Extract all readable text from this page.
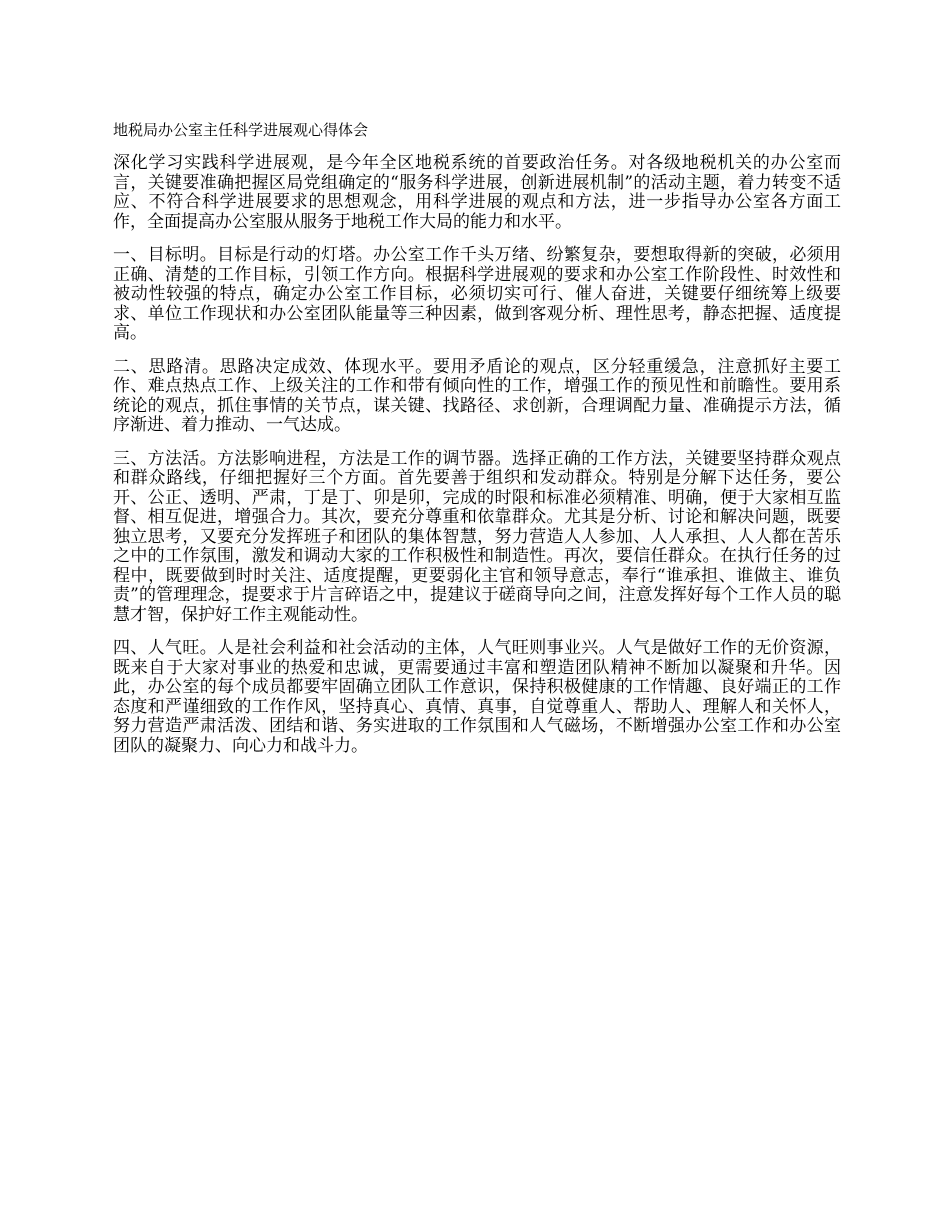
地税局办公室主任科学进展观心得体会

深化学习实践科学进展观，是今年全区地税系统的首要政治任务。对各级地税机关的办公室而言，关键要准确把握区局党组确定的“服务科学进展，创新进展机制”的活动主题，着力转变不适应、不符合科学进展要求的思想观念，用科学进展的观点和方法，进一步指导办公室各方面工作，全面提高办公室服从服务于地税工作大局的能力和水平。

一、目标明。目标是行动的灯塔。办公室工作千头万绪、纷繁复杂，要想取得新的突破，必须用正确、清楚的工作目标，引领工作方向。根据科学进展观的要求和办公室工作阶段性、时效性和被动性较强的特点，确定办公室工作目标，必须切实可行、催人奋进，关键要仔细统筹上级要求、单位工作现状和办公室团队能量等三种因素，做到客观分析、理性思考，静态把握、适度提高。

二、思路清。思路决定成效、体现水平。要用矛盾论的观点，区分轻重缓急，注意抓好主要工作、难点热点工作、上级关注的工作和带有倾向性的工作，增强工作的预见性和前瞻性。要用系统论的观点，抓住事情的关节点，谋关键、找路径、求创新，合理调配力量、准确提示方法，循序渐进、着力推动、一气达成。

三、方法活。方法影响进程，方法是工作的调节器。选择正确的工作方法，关键要坚持群众观点和群众路线，仔细把握好三个方面。首先要善于组织和发动群众。特别是分解下达任务，要公开、公正、透明、严肃，丁是丁、卯是卯，完成的时限和标准必须精准、明确，便于大家相互监督、相互促进，增强合力。其次，要充分尊重和依靠群众。尤其是分析、讨论和解决问题，既要独立思考，又要充分发挥班子和团队的集体智慧，努力营造人人参加、人人承担、人人都在苦乐之中的工作氛围，激发和调动大家的工作积极性和制造性。再次，要信任群众。在执行任务的过程中，既要做到时时关注、适度提醒，更要弱化主官和领导意志，奉行“谁承担、谁做主、谁负责”的管理理念，提要求于片言碎语之中，提建议于磋商导向之间，注意发挥好每个工作人员的聪慧才智，保护好工作主观能动性。

四、人气旺。人是社会利益和社会活动的主体，人气旺则事业兴。人气是做好工作的无价资源，既来自于大家对事业的热爱和忠诚，更需要通过丰富和塑造团队精神不断加以凝聚和升华。因此，办公室的每个成员都要牢固确立团队工作意识，保持积极健康的工作情趣、良好端正的工作态度和严谨细致的工作作风，坚持真心、真情、真事，自觉尊重人、帮助人、理解人和关怀人，努力营造严肃活泼、团结和谐、务实进取的工作氛围和人气磁场，不断增强办公室工作和办公室团队的凝聚力、向心力和战斗力。
